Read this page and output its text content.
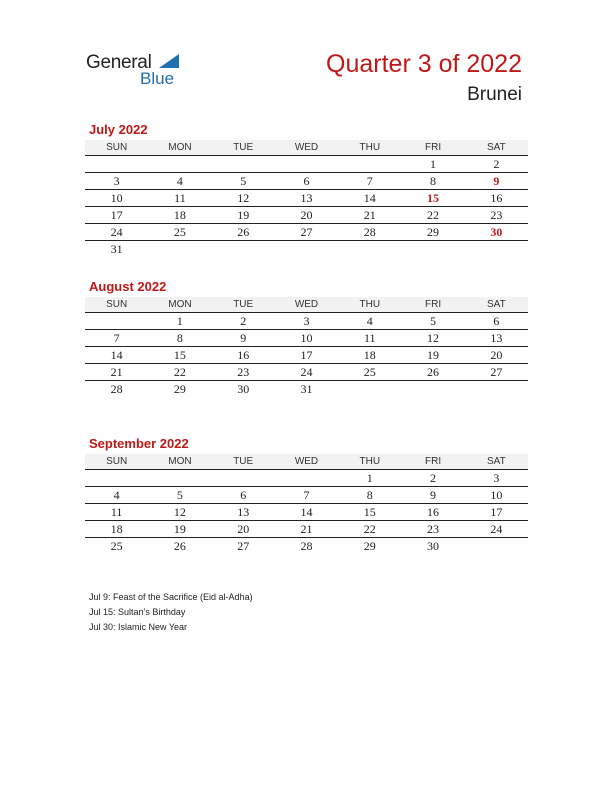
General
Blue
Quarter 3 of 2022
Brunei
July 2022
SUN	MON	TUE	WED	THU	FRI	SAT
					1	2
3	4	5	6	7	8	9
10	11	12	13	14	15	16
17	18	19	20	21	22	23
24	25	26	27	28	29	30
31						
August 2022
SUN	MON	TUE	WED	THU	FRI	SAT
	1	2	3	4	5	6
7	8	9	10	11	12	13
14	15	16	17	18	19	20
21	22	23	24	25	26	27
28	29	30	31			
September 2022
SUN	MON	TUE	WED	THU	FRI	SAT
				1	2	3
4	5	6	7	8	9	10
11	12	13	14	15	16	17
18	19	20	21	22	23	24
25	26	27	28	29	30	
Jul 9: Feast of the Sacrifice (Eid al-Adha)
Jul 15: Sultan’s Birthday
Jul 30: Islamic New Year
